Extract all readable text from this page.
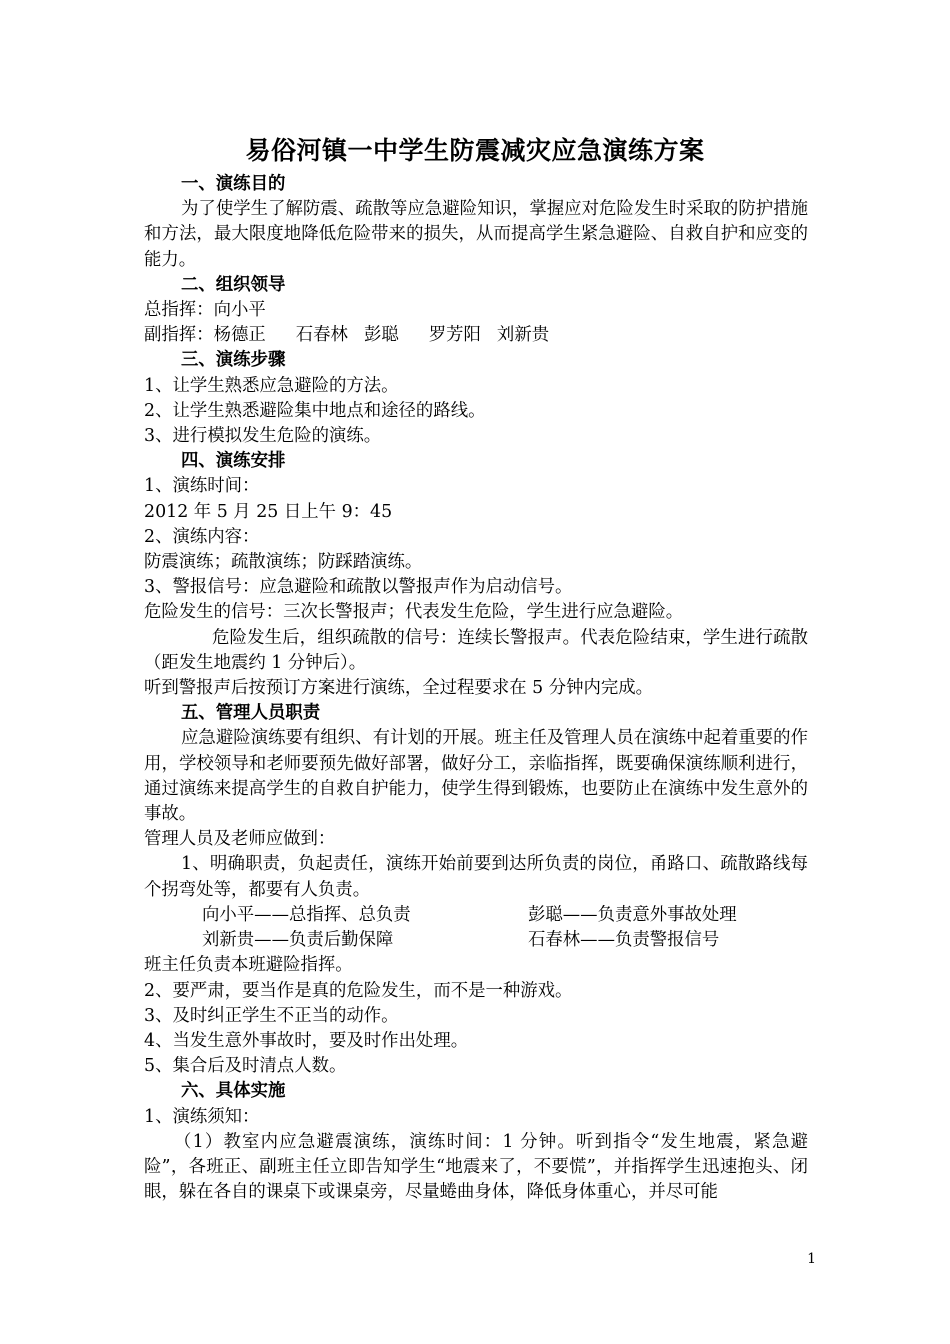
易俗河镇一中学生防震减灾应急演练方案

一、演练目的

为了使学生了解防震、疏散等应急避险知识，掌握应对危险发生时采取的防护措施和方法，最大限度地降低危险带来的损失，从而提高学生紧急避险、自救自护和应变的能力。

二、组织领导

总指挥：向小平

副指挥：杨德正 石春林 彭聪 罗芳阳 刘新贵

三、演练步骤

1、让学生熟悉应急避险的方法。

2、让学生熟悉避险集中地点和途径的路线。

3、进行模拟发生危险的演练。

四、演练安排

1、演练时间：

2012 年 5 月 25 日上午 9：45

2、演练内容：

防震演练；疏散演练；防踩踏演练。

3、警报信号：应急避险和疏散以警报声作为启动信号。

危险发生的信号：三次长警报声；代表发生危险，学生进行应急避险。

危险发生后，组织疏散的信号：连续长警报声。代表危险结束，学生进行疏散（距发生地震约 1 分钟后）。

听到警报声后按预订方案进行演练，全过程要求在 5 分钟内完成。

五、管理人员职责

应急避险演练要有组织、有计划的开展。班主任及管理人员在演练中起着重要的作用，学校领导和老师要预先做好部署，做好分工，亲临指挥，既要确保演练顺利进行，通过演练来提高学生的自救自护能力，使学生得到锻炼，也要防止在演练中发生意外的事故。

管理人员及老师应做到：

1、明确职责，负起责任，演练开始前要到达所负责的岗位，甬路口、疏散路线每个拐弯处等，都要有人负责。

向小平——总指挥、总负责	彭聪——负责意外事故处理
刘新贵——负责后勤保障	石春林——负责警报信号

班主任负责本班避险指挥。

2、要严肃，要当作是真的危险发生，而不是一种游戏。

3、及时纠正学生不正当的动作。

4、当发生意外事故时，要及时作出处理。

5、集合后及时清点人数。

六、具体实施

1、演练须知：

（1）教室内应急避震演练，演练时间：1 分钟。听到指令“发生地震，紧急避险”，各班正、副班主任立即告知学生“地震来了，不要慌”，并指挥学生迅速抱头、闭眼，躲在各自的课桌下或课桌旁，尽量蜷曲身体，降低身体重心，并尽可能

1
